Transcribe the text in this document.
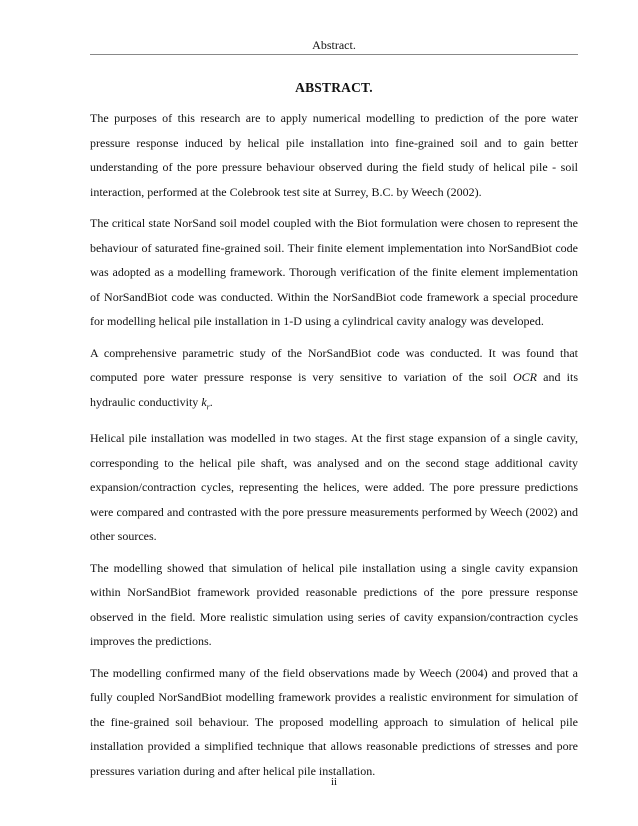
Abstract.
ABSTRACT.

The purposes of this research are to apply numerical modelling to prediction of the pore water pressure response induced by helical pile installation into fine-grained soil and to gain better understanding of the pore pressure behaviour observed during the field study of helical pile - soil interaction, performed at the Colebrook test site at Surrey, B.C. by Weech (2002).

The critical state NorSand soil model coupled with the Biot formulation were chosen to represent the behaviour of saturated fine-grained soil. Their finite element implementation into NorSandBiot code was adopted as a modelling framework. Thorough verification of the finite element implementation of NorSandBiot code was conducted. Within the NorSandBiot code framework a special procedure for modelling helical pile installation in 1-D using a cylindrical cavity analogy was developed.

A comprehensive parametric study of the NorSandBiot code was conducted. It was found that computed pore water pressure response is very sensitive to variation of the soil OCR and its hydraulic conductivity $k_r$.

Helical pile installation was modelled in two stages. At the first stage expansion of a single cavity, corresponding to the helical pile shaft, was analysed and on the second stage additional cavity expansion/contraction cycles, representing the helices, were added. The pore pressure predictions were compared and contrasted with the pore pressure measurements performed by Weech (2002) and other sources.

The modelling showed that simulation of helical pile installation using a single cavity expansion within NorSandBiot framework provided reasonable predictions of the pore pressure response observed in the field. More realistic simulation using series of cavity expansion/contraction cycles improves the predictions.

The modelling confirmed many of the field observations made by Weech (2004) and proved that a fully coupled NorSandBiot modelling framework provides a realistic environment for simulation of the fine-grained soil behaviour. The proposed modelling approach to simulation of helical pile installation provided a simplified technique that allows reasonable predictions of stresses and pore pressures variation during and after helical pile installation.

ii
